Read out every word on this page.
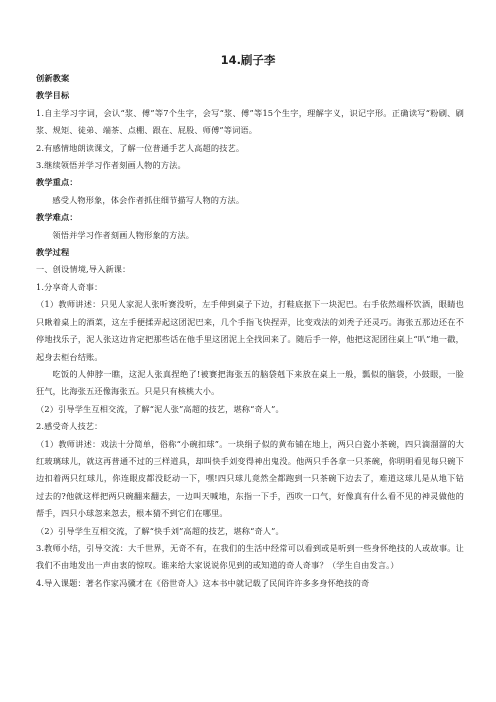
14.刷子李

创新教案

教学目标

1.自主学习字词，会认“浆、傅”等7个生字，会写“浆、傅”等15个生字，理解字义，识记字形。正确读写“粉刷、刷浆、规矩、徒弟、端茶、点棚、跟在、屁股、师傅”等词语。

2.有感情地朗读课文，了解一位普通手艺人高超的技艺。

3.继续领悟并学习作者刻画人物的方法。

教学重点：

感受人物形象，体会作者抓住细节描写人物的方法。

教学难点：

领悟并学习作者刻画人物形象的方法。

教学过程

一、创设情境,导入新课：

1.分享奇人奇事：

（1）教师讲述：只见人家泥人张听赛没听，左手伸到桌子下边，打鞋底抠下一块泥巴。右手依然端杯饮酒，眼睛也只瞅着桌上的酒菜，这左手便揉弄起这团泥巴来，几个手指飞快捏弄，比变戏法的刘秃子还灵巧。海张五那边还在不停地找乐子，泥人张这边肯定把那些话在他手里这团泥上全找回来了。随后手一停，他把这泥团往桌上“叭”地一戳，起身去柜台结账。

吃饭的人伸脖一瞧，这泥人张真捏绝了!被赛把海张五的脑袋剋下来放在桌上一般，瓢似的脑袋，小鼓眼，一脸狂气，比海张五还像海张五。只是只有核桃大小。

（2）引导学生互相交流，了解“泥人张”高超的技艺，堪称“奇人”。

2.感受奇人技艺：

（1）教师讲述：戏法十分简单，俗称“小碗扣球”。一块绢子似的黄布铺在地上，两只白瓷小茶碗，四只滴溜溜的大红玻璃球儿，就这再普通不过的三样道具，却叫快手刘变得神出鬼没。他两只手各拿一只茶碗，你明明看见每只碗下边扣着两只红球儿，你连眼皮都没眨动一下，嘿!四只球儿竟然全都跑到一只茶碗下边去了，难道这球儿是从地下钻过去的?他就这样把两只碗翻来翻去，一边叫天喊地，东指一下手，西吹一口气，好像真有什么看不见的神灵做他的帮手，四只小球忽来忽去，根本猜不到它们在哪里。

（2）引导学生互相交流，了解“快手刘”高超的技艺，堪称“奇人”。

3.教师小结，引导交流：大千世界，无奇不有，在我们的生活中经常可以看到或是听到一些身怀绝技的人或故事。让我们不由地发出一声由衷的惊叹。谁来给大家说说你见到的或知道的奇人奇事？（学生自由发言。）

4.导入课题：著名作家冯骥才在《俗世奇人》这本书中就记载了民间许许多多身怀绝技的奇
